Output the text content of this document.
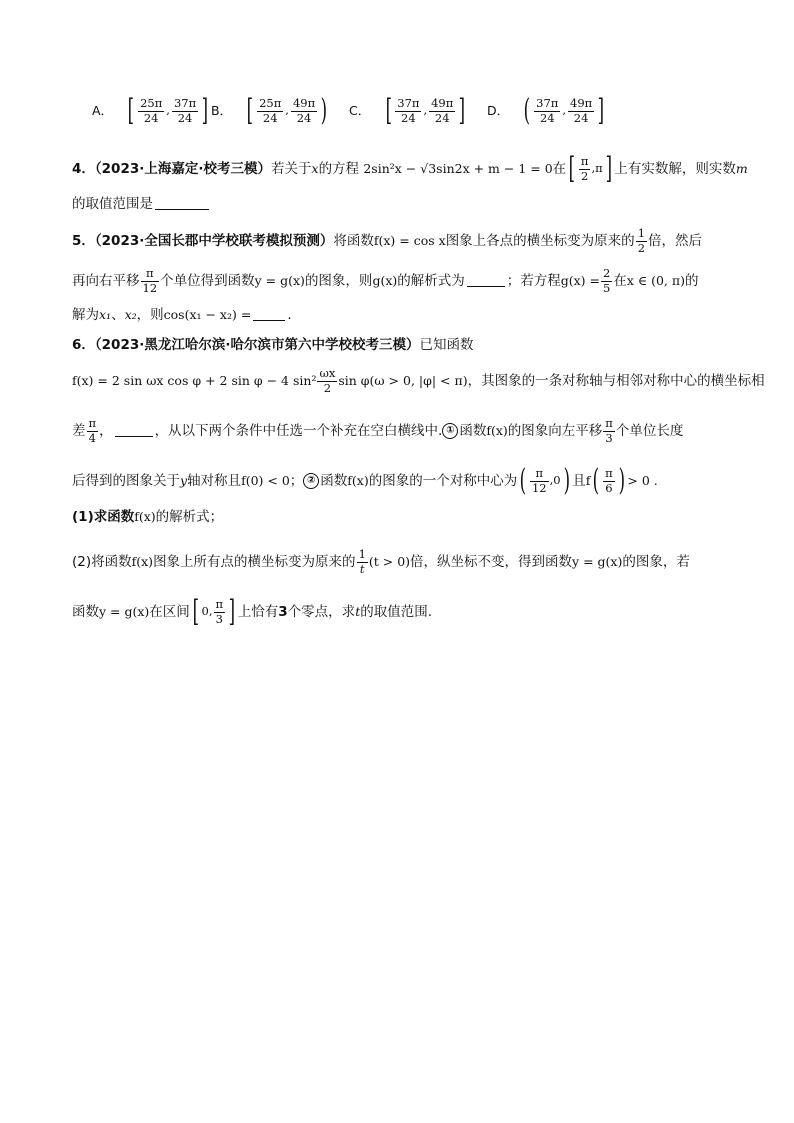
A． [ $\frac{25\pi}{24}$ , $\frac{37\pi}{24}$ ] B． [ $\frac{25\pi}{24}$ , $\frac{49\pi}{24}$ ) C． [ $\frac{37\pi}{24}$ , $\frac{49\pi}{24}$ ] D． ( $\frac{37\pi}{24}$ , $\frac{49\pi}{24}$ ]
4．（2023·上海嘉定·校考三模）若关于x的方程 2sin²x − √3sin2x + m − 1 = 0在 [ $\frac{\pi}{2} ,\pi$ ] 上有实数解，则实数m
的取值范围是
5．（2023·全国长郡中学校联考模拟预测）将函数f(x) = cos x图象上各点的横坐标变为原来的 $\frac{1}{2}$ 倍，然后
再向右平移 $\frac{\pi}{12}$ 个单位得到函数y = g(x)的图象，则g(x)的解析式为	；若方程$g(x) = \frac{2}{5}$ 在x ∈ (0, π)的
解为x₁、x₂，则cos(x₁ − x₂) =	.
6．（2023·黑龙江哈尔滨·哈尔滨市第六中学校校考三模）已知函数
f(x) = 2 sin ωx cos φ + 2 sin φ − 4 $\sin^2 \frac{\omega x}{2}$ sin φ(ω > 0, |φ| < π)，其图象的一条对称轴与相邻对称中心的横坐标相
差 $\frac{\pi}{4}$ ，	，从以下两个条件中任选一个补充在空白横线中. ① 函数f(x)的图象向左平移 $\frac{\pi}{3}$ 个单位长度
后得到的图象关于y轴对称且f(0) < 0； ② 函数f(x)的图象的一个对称中心为 ( $\frac{\pi}{12} ,0$ ) 且f ( $\frac{\pi}{6}$ ) > 0 .
(1)求函数f(x)的解析式；
(2)将函数f(x)图象上所有点的横坐标变为原来的 $\frac{1}{t} (t > 0)$倍，纵坐标不变，得到函数y = g(x)的图象，若
函数y = g(x)在区间 [ 0, $\frac{\pi}{3}$ ] 上恰有3个零点，求t的取值范围.
